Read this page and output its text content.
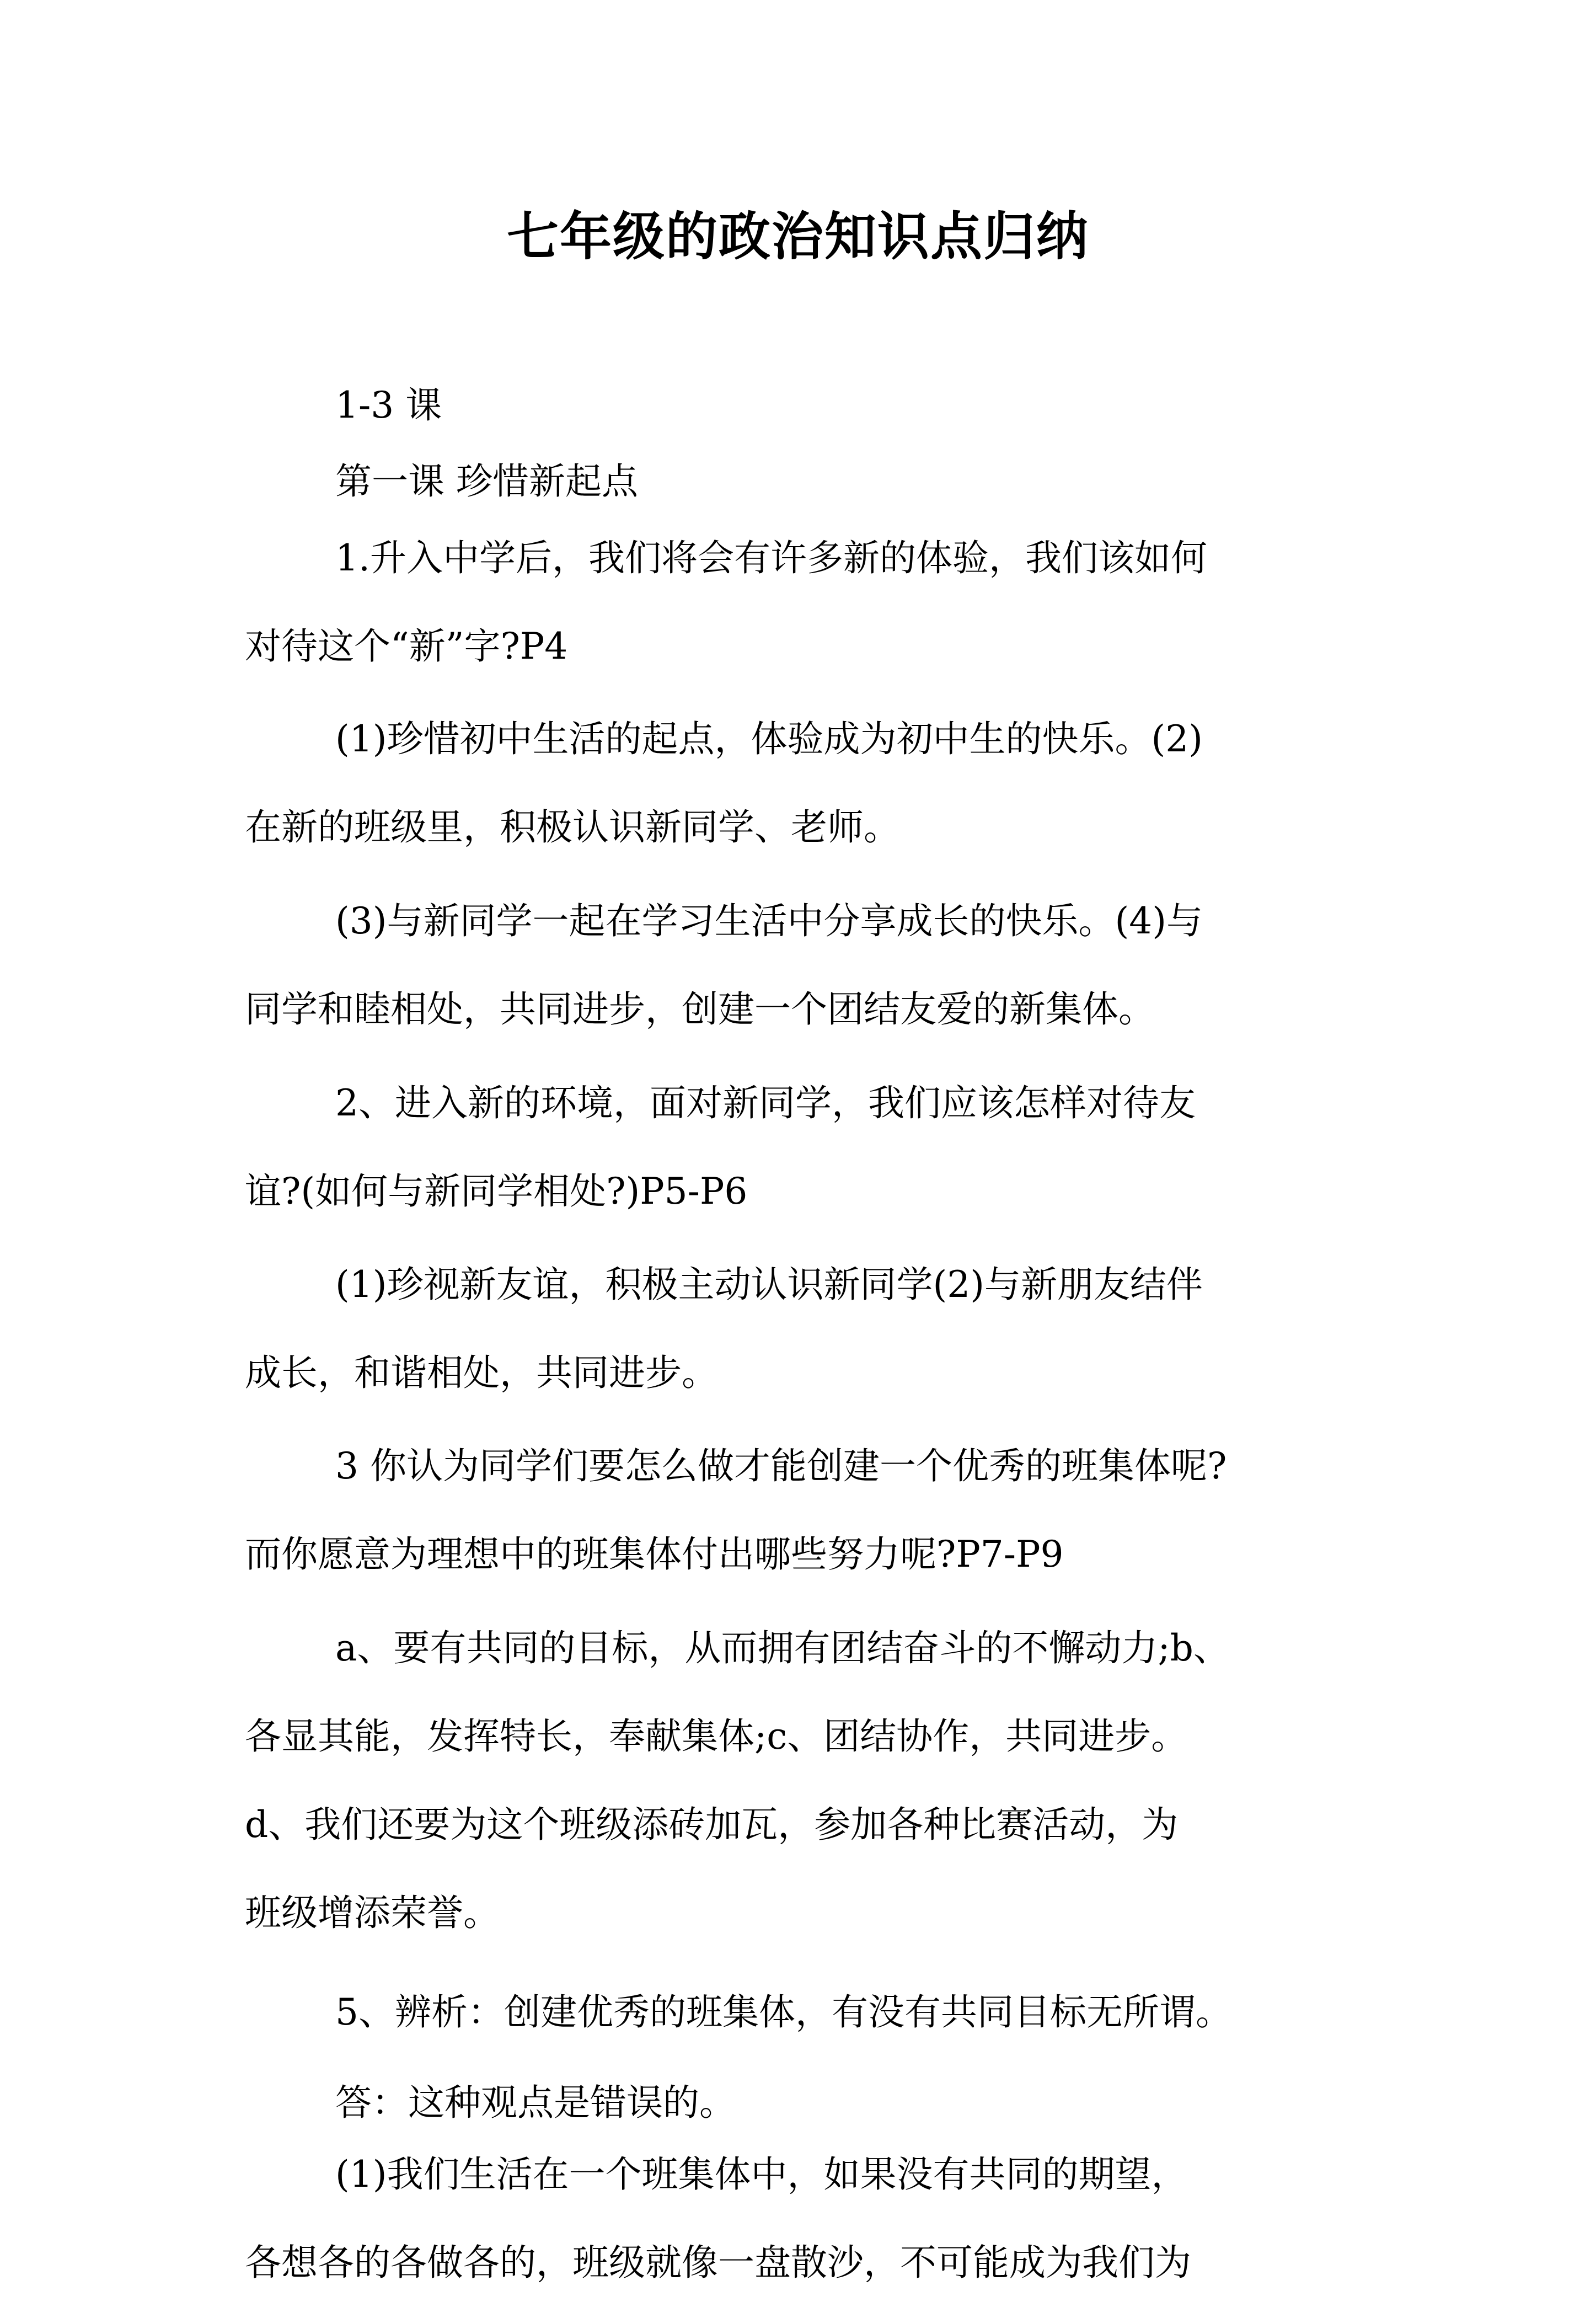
七年级的政治知识点归纳
1-3 课
第一课 珍惜新起点
1.升入中学后，我们将会有许多新的体验，我们该如何
对待这个“新”字?P4
(1)珍惜初中生活的起点，体验成为初中生的快乐。(2)
在新的班级里，积极认识新同学、老师。
(3)与新同学一起在学习生活中分享成长的快乐。(4)与
同学和睦相处，共同进步，创建一个团结友爱的新集体。
2、进入新的环境，面对新同学，我们应该怎样对待友
谊?(如何与新同学相处?)P5-P6
(1)珍视新友谊，积极主动认识新同学(2)与新朋友结伴
成长，和谐相处，共同进步。
3 你认为同学们要怎么做才能创建一个优秀的班集体呢?
而你愿意为理想中的班集体付出哪些努力呢?P7-P9
a、要有共同的目标，从而拥有团结奋斗的不懈动力;b、
各显其能，发挥特长，奉献集体;c、团结协作，共同进步。
d、我们还要为这个班级添砖加瓦，参加各种比赛活动，为
班级增添荣誉。
5、辨析：创建优秀的班集体，有没有共同目标无所谓。
答：这种观点是错误的。
(1)我们生活在一个班集体中，如果没有共同的期望，
各想各的各做各的，班级就像一盘散沙，不可能成为我们为
